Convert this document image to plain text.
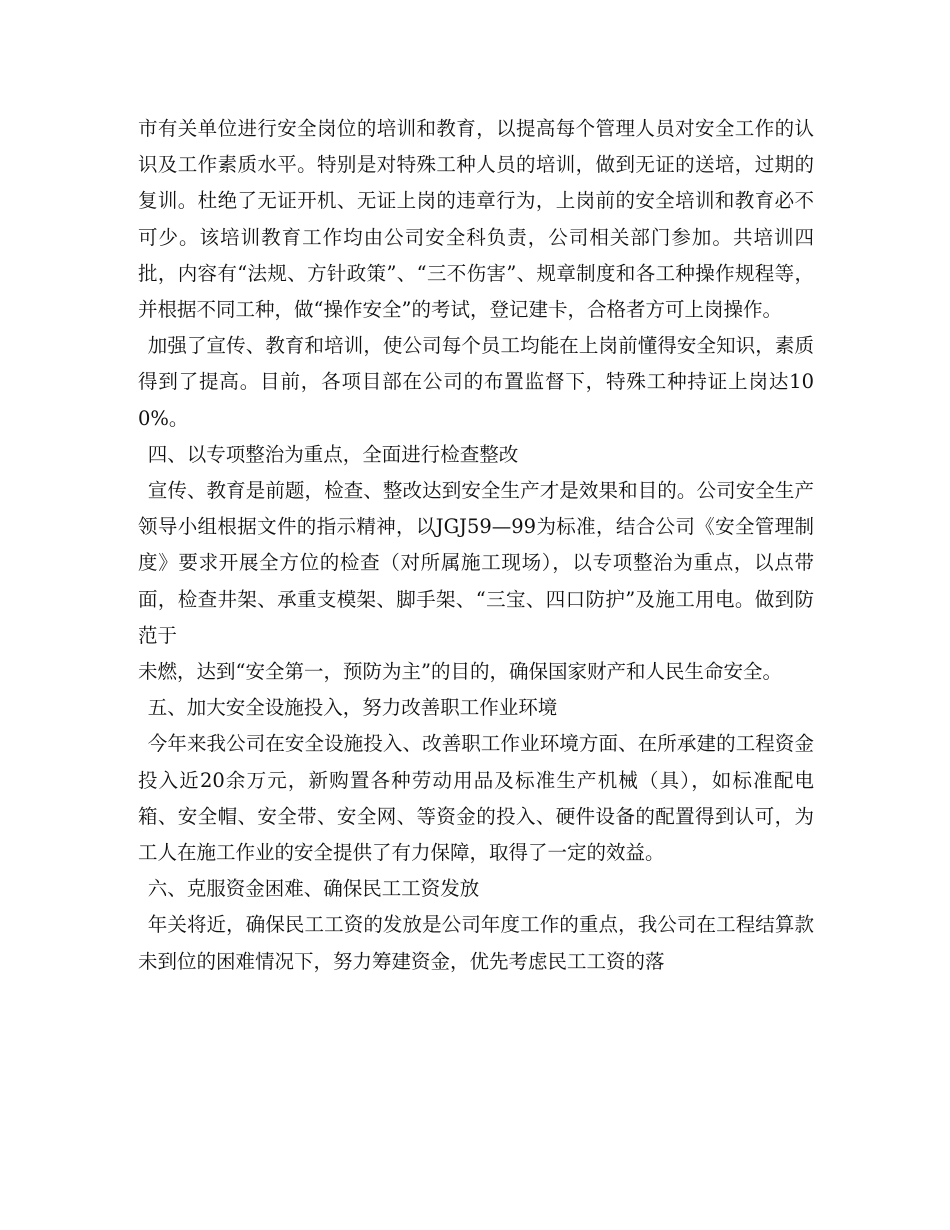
市有关单位进行安全岗位的培训和教育，以提高每个管理人员对安全工作的认识及工作素质水平。特别是对特殊工种人员的培训，做到无证的送培，过期的复训。杜绝了无证开机、无证上岗的违章行为，上岗前的安全培训和教育必不可少。该培训教育工作均由公司安全科负责，公司相关部门参加。共培训四批，内容有“法规、方针政策”、“三不伤害”、规章制度和各工种操作规程等，并根据不同工种，做“操作安全”的考试，登记建卡，合格者方可上岗操作。

加强了宣传、教育和培训，使公司每个员工均能在上岗前懂得安全知识，素质得到了提高。目前，各项目部在公司的布置监督下，特殊工种持证上岗达100%。

四、以专项整治为重点，全面进行检查整改

宣传、教育是前题，检查、整改达到安全生产才是效果和目的。公司安全生产领导小组根据文件的指示精神，以JGJ59—99为标准，结合公司《安全管理制度》要求开展全方位的检查（对所属施工现场），以专项整治为重点，以点带面，检查井架、承重支模架、脚手架、“三宝、四口防护”及施工用电。做到防范于

未燃，达到“安全第一，预防为主”的目的，确保国家财产和人民生命安全。

五、加大安全设施投入，努力改善职工作业环境

今年来我公司在安全设施投入、改善职工作业环境方面、在所承建的工程资金投入近20余万元，新购置各种劳动用品及标准生产机械（具），如标准配电箱、安全帽、安全带、安全网、等资金的投入、硬件设备的配置得到认可，为工人在施工作业的安全提供了有力保障，取得了一定的效益。

六、克服资金困难、确保民工工资发放

年关将近，确保民工工资的发放是公司年度工作的重点，我公司在工程结算款未到位的困难情况下，努力筹建资金，优先考虑民工工资的落
